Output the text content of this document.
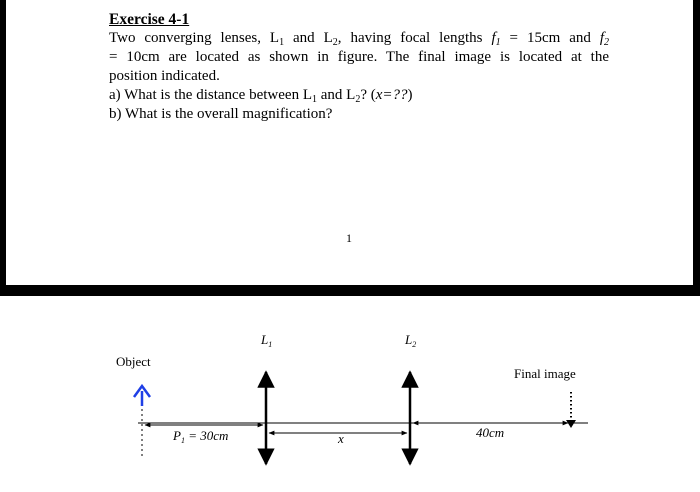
Exercise 4-1
Two converging lenses, $L_1$ and $L_2$, having focal lengths $f_1 = 15cm$ and $f_2$
= 10cm are located as shown in figure. The final image is located at the
position indicated.
a) What is the distance between $L_1$ and $L_2$? (x=??)
b) What is the overall magnification?
1
Object
$L_1$	$L_2$
Final image
$P_1 = 30cm$	x	40cm
